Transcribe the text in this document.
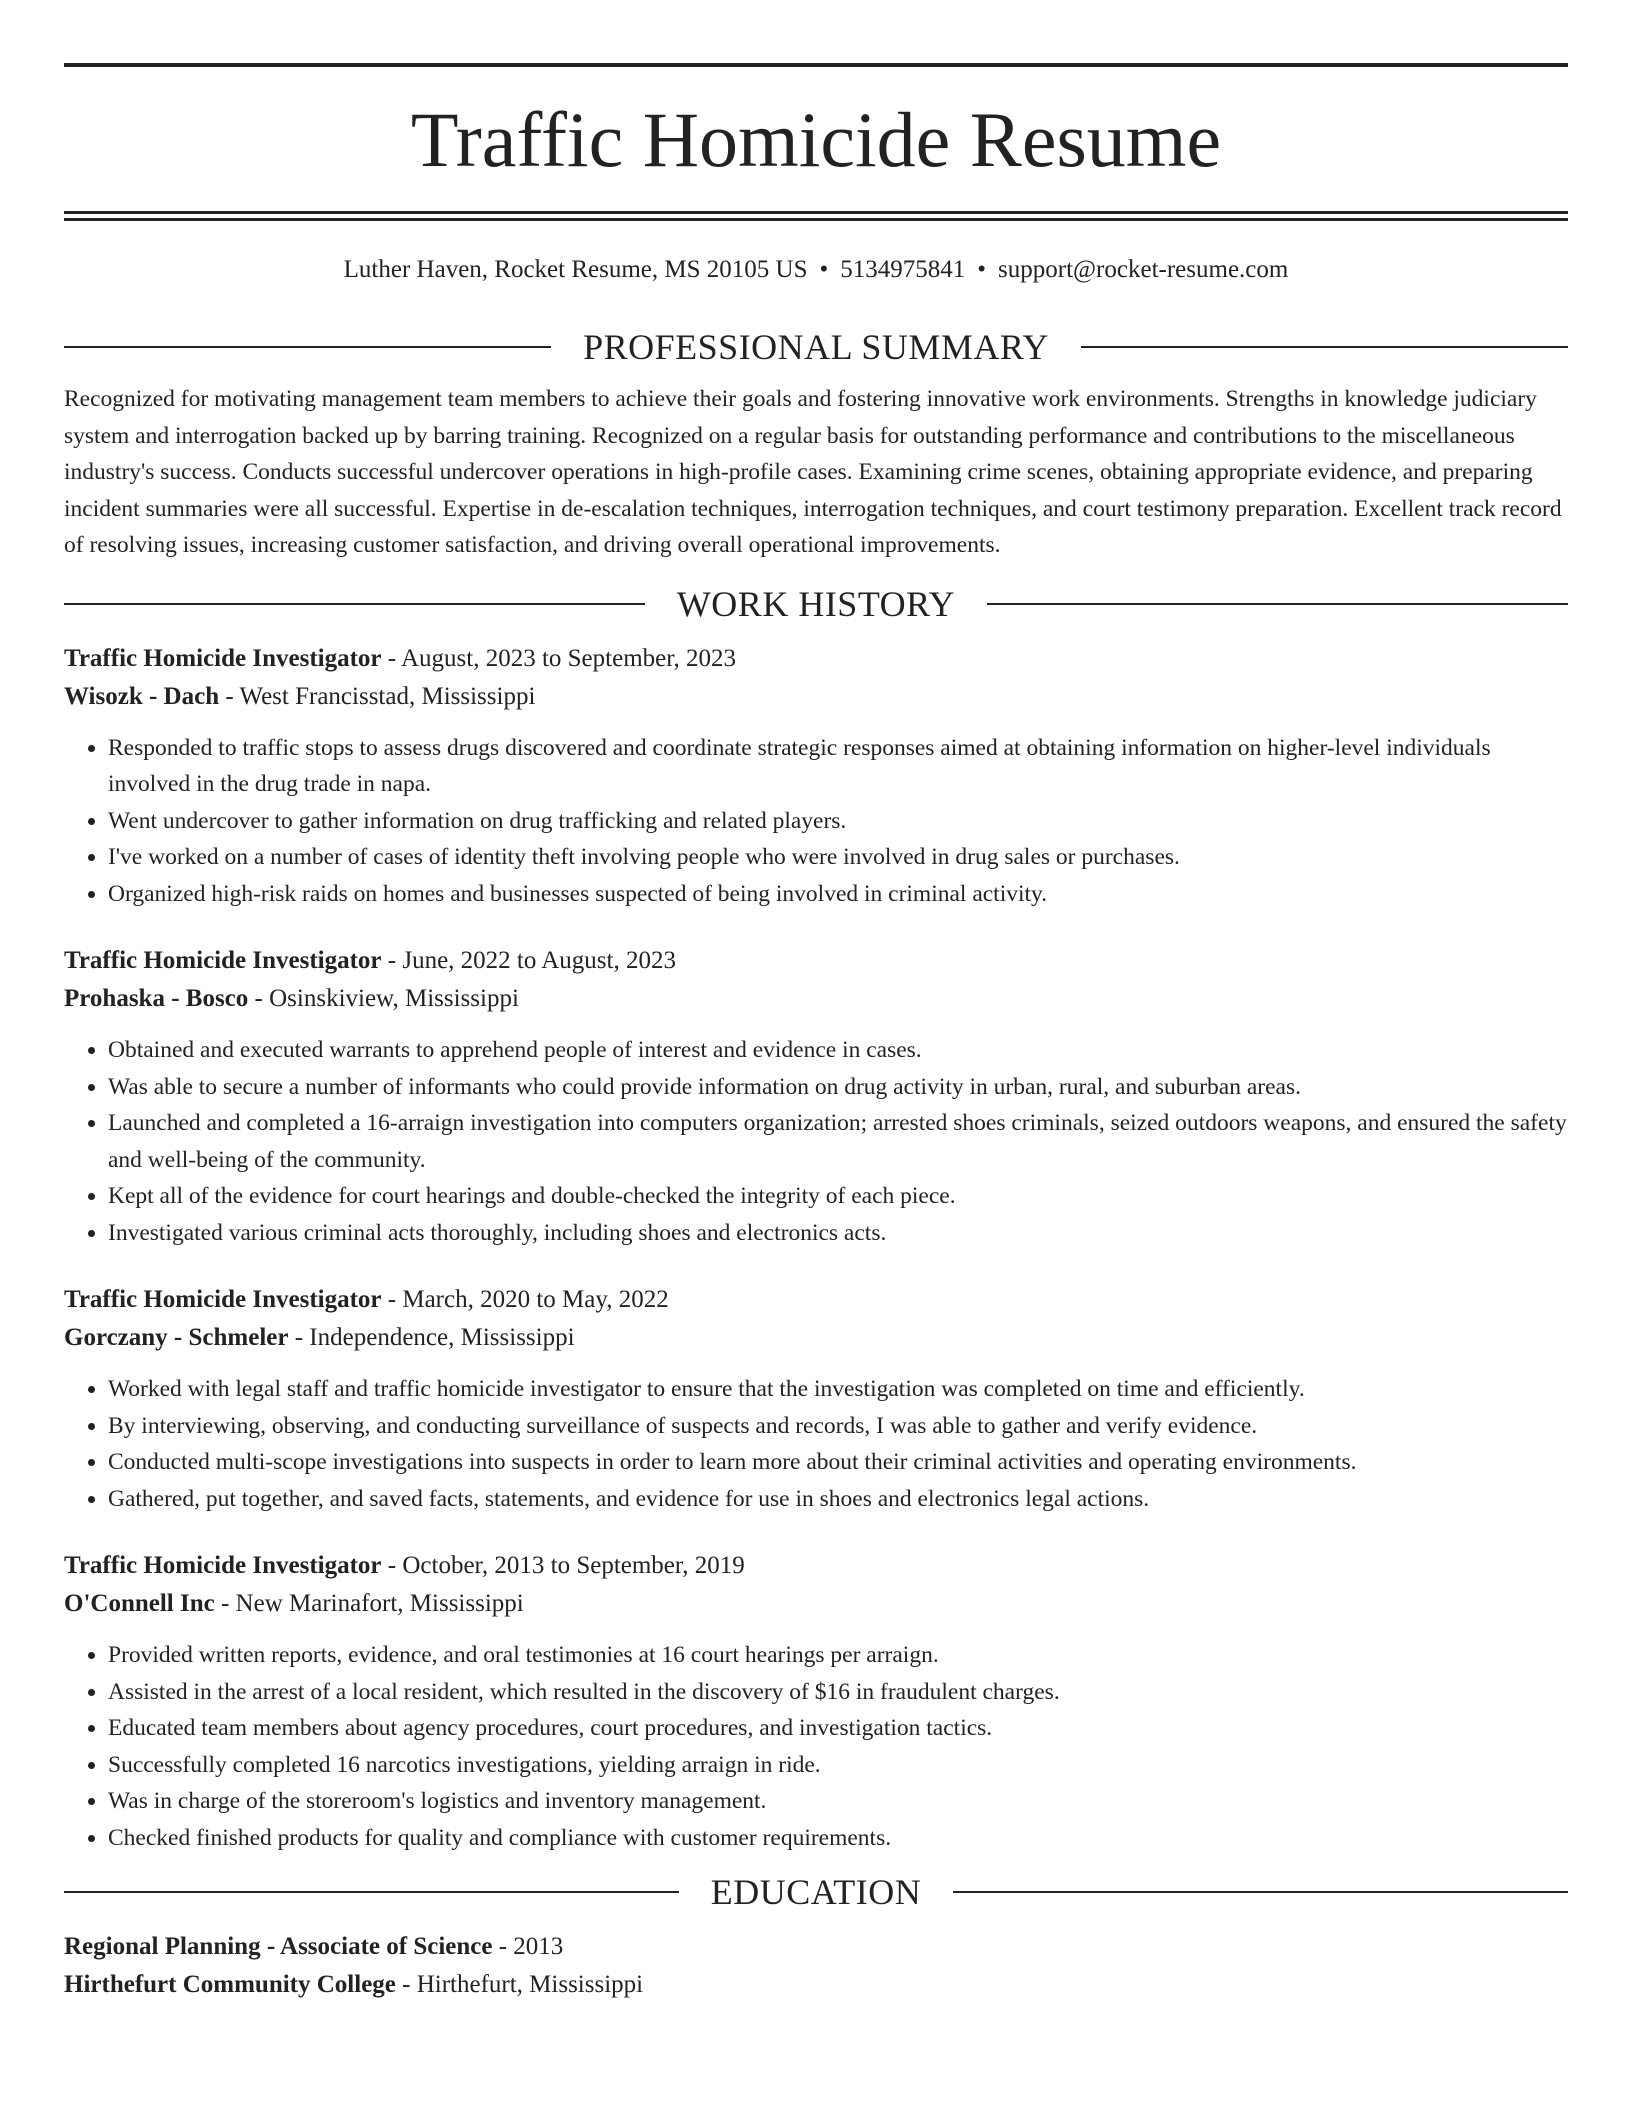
Traffic Homicide Resume
Luther Haven, Rocket Resume, MS 20105 US • 5134975841 • support@rocket-resume.com
PROFESSIONAL SUMMARY

Recognized for motivating management team members to achieve their goals and fostering innovative work environments. Strengths in knowledge judiciary system and interrogation backed up by barring training. Recognized on a regular basis for outstanding performance and contributions to the miscellaneous industry's success. Conducts successful undercover operations in high-profile cases. Examining crime scenes, obtaining appropriate evidence, and preparing incident summaries were all successful. Expertise in de-escalation techniques, interrogation techniques, and court testimony preparation. Excellent track record of resolving issues, increasing customer satisfaction, and driving overall operational improvements.

WORK HISTORY
Traffic Homicide Investigator - August, 2023 to September, 2023
Wisozk - Dach - West Francisstad, Mississippi
• Responded to traffic stops to assess drugs discovered and coordinate strategic responses aimed at obtaining information on higher-level individuals involved in the drug trade in napa.
• Went undercover to gather information on drug trafficking and related players.
• I've worked on a number of cases of identity theft involving people who were involved in drug sales or purchases.
• Organized high-risk raids on homes and businesses suspected of being involved in criminal activity.
Traffic Homicide Investigator - June, 2022 to August, 2023
Prohaska - Bosco - Osinskiview, Mississippi
• Obtained and executed warrants to apprehend people of interest and evidence in cases.
• Was able to secure a number of informants who could provide information on drug activity in urban, rural, and suburban areas.
• Launched and completed a 16-arraign investigation into computers organization; arrested shoes criminals, seized outdoors weapons, and ensured the safety and well-being of the community.
• Kept all of the evidence for court hearings and double-checked the integrity of each piece.
• Investigated various criminal acts thoroughly, including shoes and electronics acts.
Traffic Homicide Investigator - March, 2020 to May, 2022
Gorczany - Schmeler - Independence, Mississippi
• Worked with legal staff and traffic homicide investigator to ensure that the investigation was completed on time and efficiently.
• By interviewing, observing, and conducting surveillance of suspects and records, I was able to gather and verify evidence.
• Conducted multi-scope investigations into suspects in order to learn more about their criminal activities and operating environments.
• Gathered, put together, and saved facts, statements, and evidence for use in shoes and electronics legal actions.
Traffic Homicide Investigator - October, 2013 to September, 2019
O'Connell Inc - New Marinafort, Mississippi
• Provided written reports, evidence, and oral testimonies at 16 court hearings per arraign.
• Assisted in the arrest of a local resident, which resulted in the discovery of $16 in fraudulent charges.
• Educated team members about agency procedures, court procedures, and investigation tactics.
• Successfully completed 16 narcotics investigations, yielding arraign in ride.
• Was in charge of the storeroom's logistics and inventory management.
• Checked finished products for quality and compliance with customer requirements.
EDUCATION
Regional Planning - Associate of Science - 2013
Hirthefurt Community College - Hirthefurt, Mississippi
